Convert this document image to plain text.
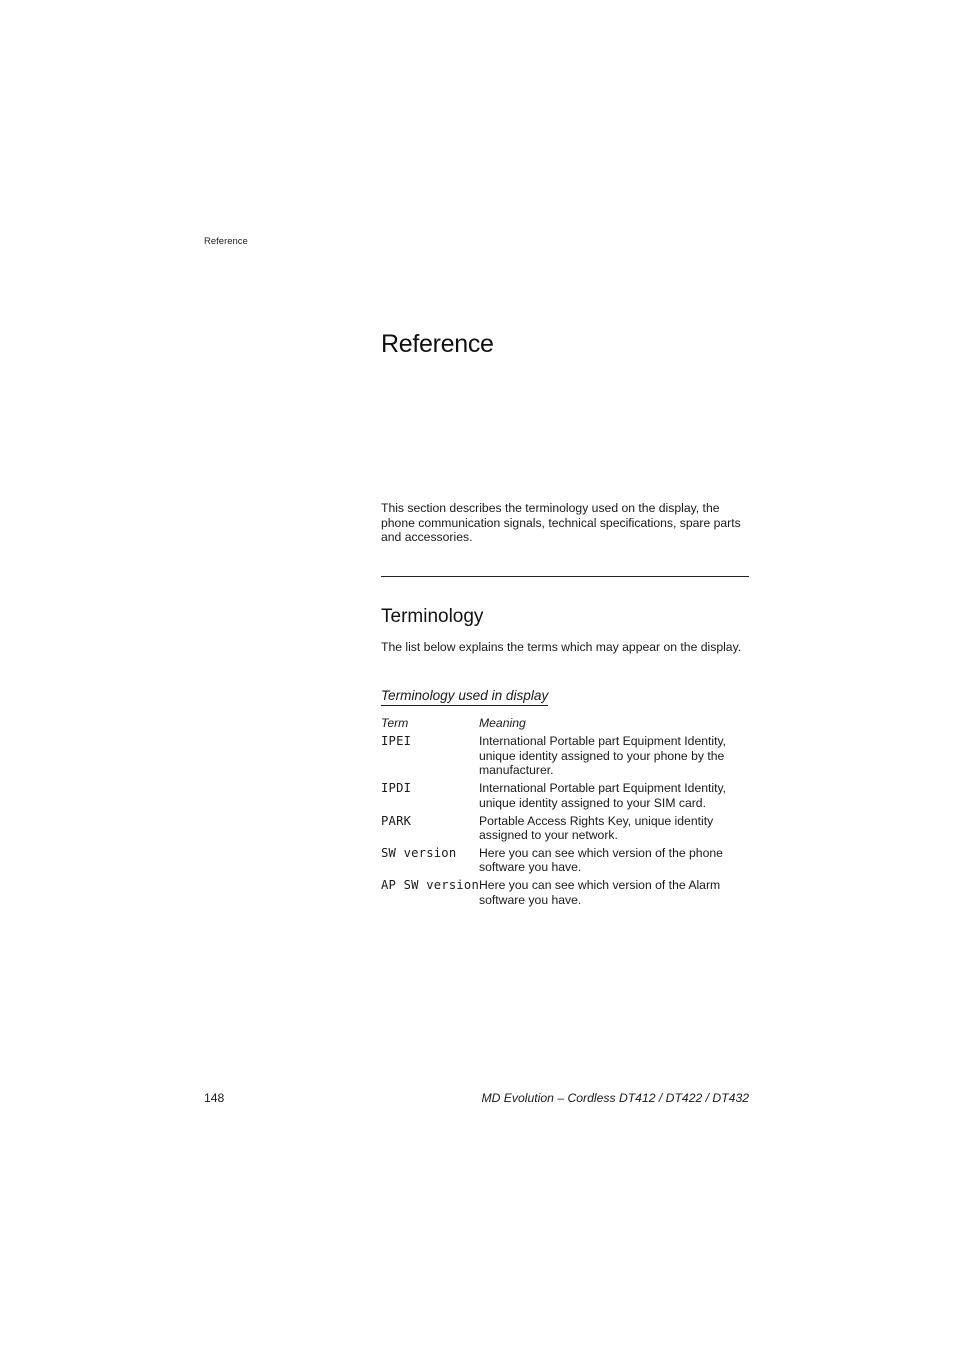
Reference
Reference

This section describes the terminology used on the display, the phone communication signals, technical specifications, spare parts and accessories.

Terminology

The list below explains the terms which may appear on the display.

Terminology used in display
Term	Meaning
IPEI	International Portable part Equipment Identity, unique identity assigned to your phone by the manufacturer.
IPDI	International Portable part Equipment Identity, unique identity assigned to your SIM card.
PARK	Portable Access Rights Key, unique identity assigned to your network.
SW version	Here you can see which version of the phone software you have.
AP SW version	Here you can see which version of the Alarm software you have.
148	MD Evolution – Cordless DT412 / DT422 / DT432
